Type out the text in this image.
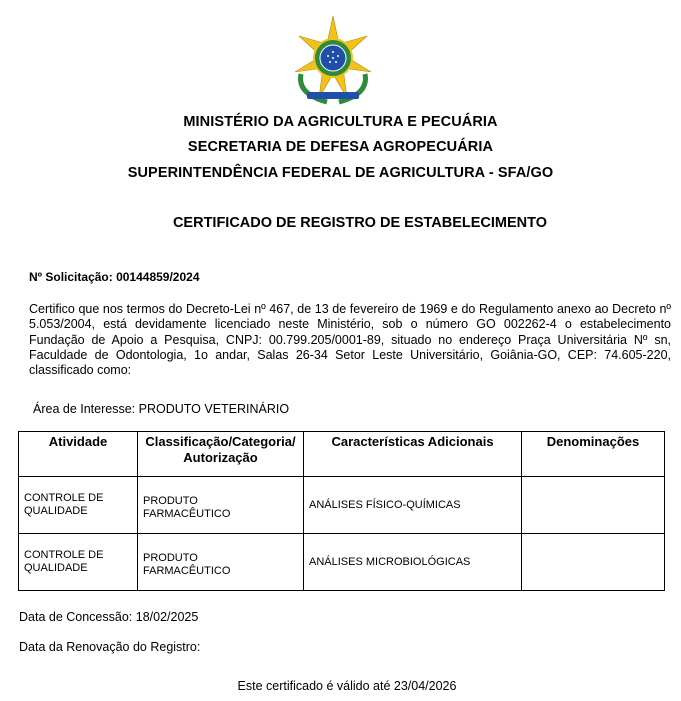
MINISTÉRIO DA AGRICULTURA E PECUÁRIA
SECRETARIA DE DEFESA AGROPECUÁRIA
SUPERINTENDÊNCIA FEDERAL DE AGRICULTURA - SFA/GO
CERTIFICADO DE REGISTRO DE ESTABELECIMENTO
Nº Solicitação: 00144859/2024
Certifico que nos termos do Decreto-Lei nº 467, de 13 de fevereiro de 1969 e do Regulamento anexo ao Decreto nº 5.053/2004, está devidamente licenciado neste Ministério, sob o número GO 002262-4 o estabelecimento Fundação de Apoio a Pesquisa, CNPJ: 00.799.205/0001-89, situado no endereço Praça Universitária Nº sn, Faculdade de Odontologia, 1o andar, Salas 26-34 Setor Leste Universitário, Goiânia-GO, CEP: 74.605-220, classificado como:
Área de Interesse: PRODUTO VETERINÁRIO
Atividade	Classificação/Categoria/Autorização	Características Adicionais	Denominações

CONTROLE DE QUALIDADE	PRODUTO FARMACÊUTICO	ANÁLISES FÍSICO-QUÍMICAS	

CONTROLE DE QUALIDADE	PRODUTO FARMACÊUTICO	ANÁLISES MICROBIOLÓGICAS	

Data de Concessão: 18/02/2025
Data da Renovação do Registro:
Este certificado é válido até 23/04/2026
